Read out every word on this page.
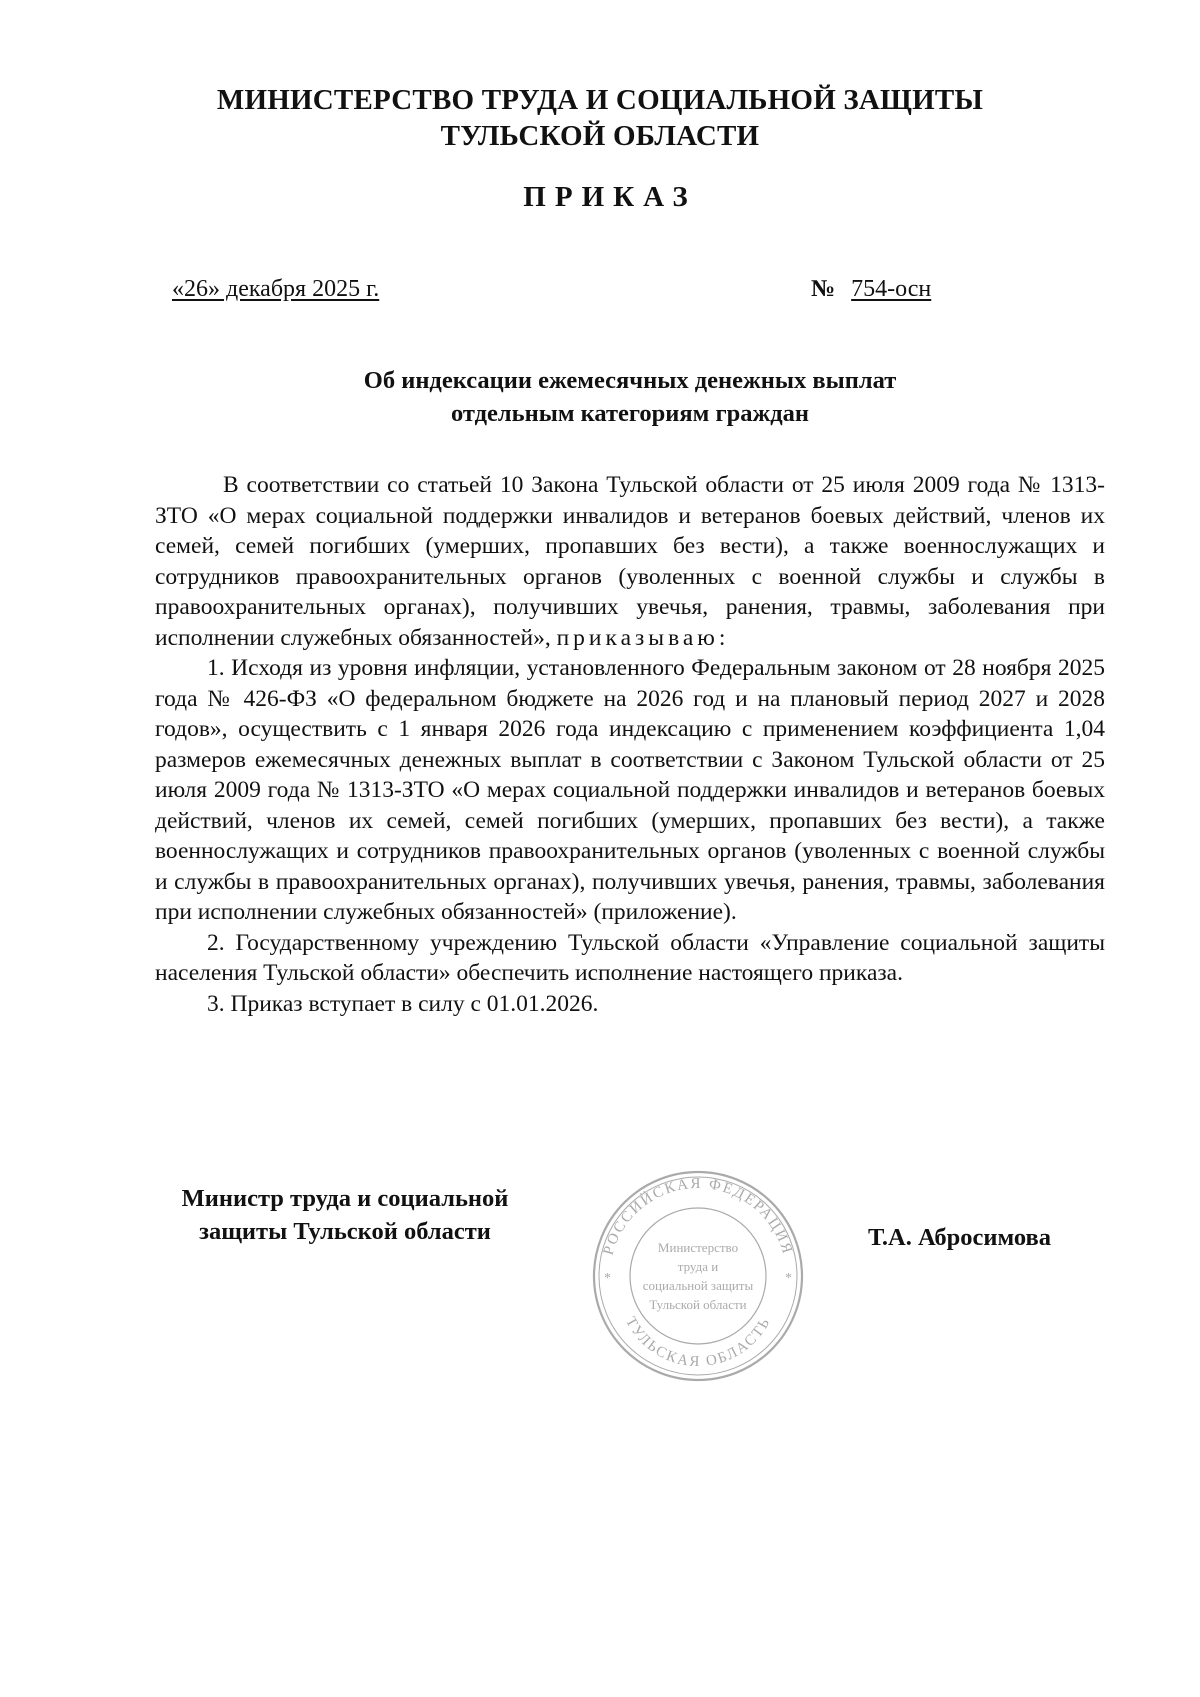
МИНИСТЕРСТВО ТРУДА И СОЦИАЛЬНОЙ ЗАЩИТЫ
ТУЛЬСКОЙ ОБЛАСТИ
ПРИКАЗ
«26» декабря 2025 г.	№ 754-осн
Об индексации ежемесячных денежных выплат
отдельным категориям граждан

В соответствии со статьей 10 Закона Тульской области от 25 июля 2009 года № 1313-ЗТО «О мерах социальной поддержки инвалидов и ветеранов боевых действий, членов их семей, семей погибших (умерших, пропавших без вести), а также военнослужащих и сотрудников правоохранительных органов (уволенных с военной службы и службы в правоохранительных органах), получивших увечья, ранения, травмы, заболевания при исполнении служебных обязанностей», приказываю:

1. Исходя из уровня инфляции, установленного Федеральным законом от 28 ноября 2025 года № 426-ФЗ «О федеральном бюджете на 2026 год и на плановый период 2027 и 2028 годов», осуществить с 1 января 2026 года индексацию с применением коэффициента 1,04 размеров ежемесячных денежных выплат в соответствии с Законом Тульской области от 25 июля 2009 года № 1313-ЗТО «О мерах социальной поддержки инвалидов и ветеранов боевых действий, членов их семей, семей погибших (умерших, пропавших без вести), а также военнослужащих и сотрудников правоохранительных органов (уволенных с военной службы и службы в правоохранительных органах), получивших увечья, ранения, травмы, заболевания при исполнении служебных обязанностей» (приложение).

2. Государственному учреждению Тульской области «Управление социальной защиты населения Тульской области» обеспечить исполнение настоящего приказа.

3. Приказ вступает в силу с 01.01.2026.

Министр труда и социальной
защиты Тульской области
РОССИЙСКАЯ ФЕДЕРАЦИЯ
ТУЛЬСКАЯ ОБЛАСТЬ
*	*
Министерство
труда и
социальной защиты
Тульской области
Т.А. Абросимова
